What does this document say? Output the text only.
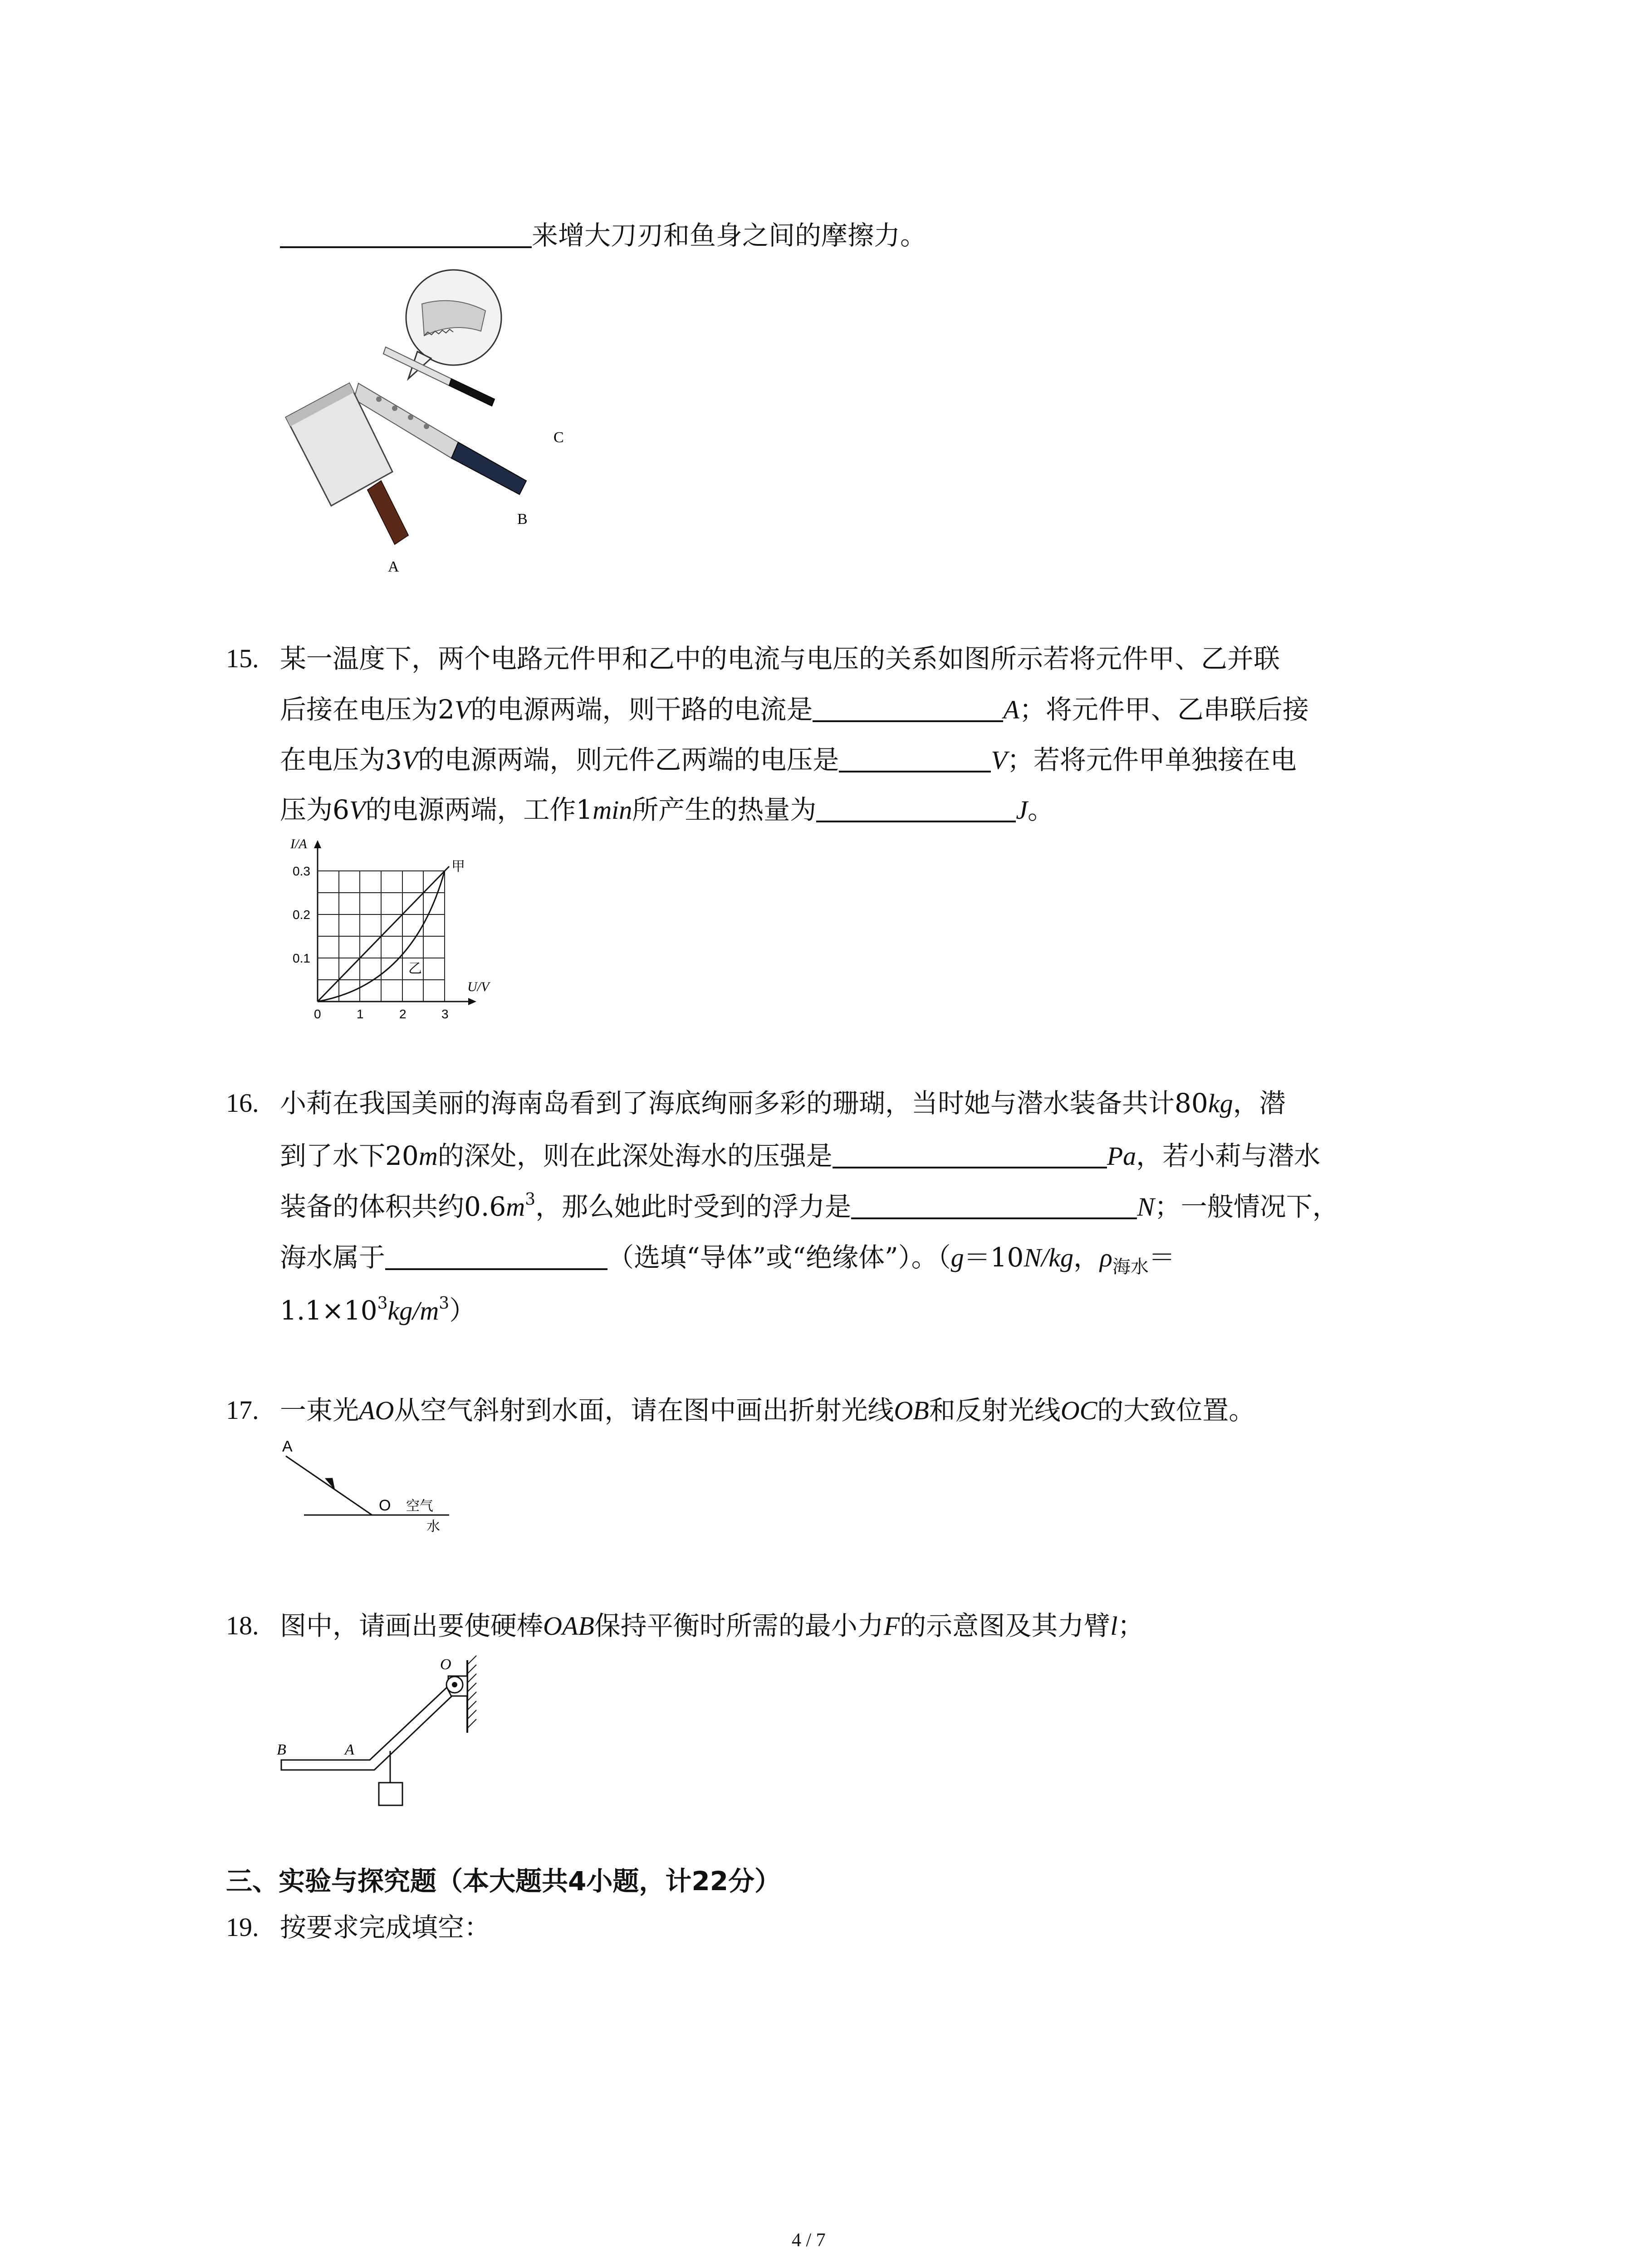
来增大刀刃和鱼身之间的摩擦力。
C
B
A
15. 某一温度下，两个电路元件甲和乙中的电流与电压的关系如图所示若将元件甲、乙并联
后接在电压为2V的电源两端，则干路的电流是	A；将元件甲、乙串联后接
在电压为3V的电源两端，则元件乙两端的电压是	V；若将元件甲单独接在电
压为6V的电源两端，工作1min所产生的热量为	J。
I/A
U/V
0.3
0.2
0.1
0	1	2	3
甲
乙
16. 小莉在我国美丽的海南岛看到了海底绚丽多彩的珊瑚，当时她与潜水装备共计80kg，潜
到了水下20m的深处，则在此深处海水的压强是	Pa，若小莉与潜水
装备的体积共约$0.6m^3$，那么她此时受到的浮力是	N；一般情况下，
海水属于	（选填“导体”或“绝缘体”）。（g＝10N/kg，$\rho_{海水}=$
$1.1\times 10^3kg/m^3$）
17. 一束光AO从空气斜射到水面，请在图中画出折射光线OB和反射光线OC的大致位置。
A
O 空气
水
18. 图中，请画出要使硬棒OAB保持平衡时所需的最小力F的示意图及其力臂l；
O
B	A
三、实验与探究题（本大题共4小题，计22分）
19. 按要求完成填空：
4 / 7
